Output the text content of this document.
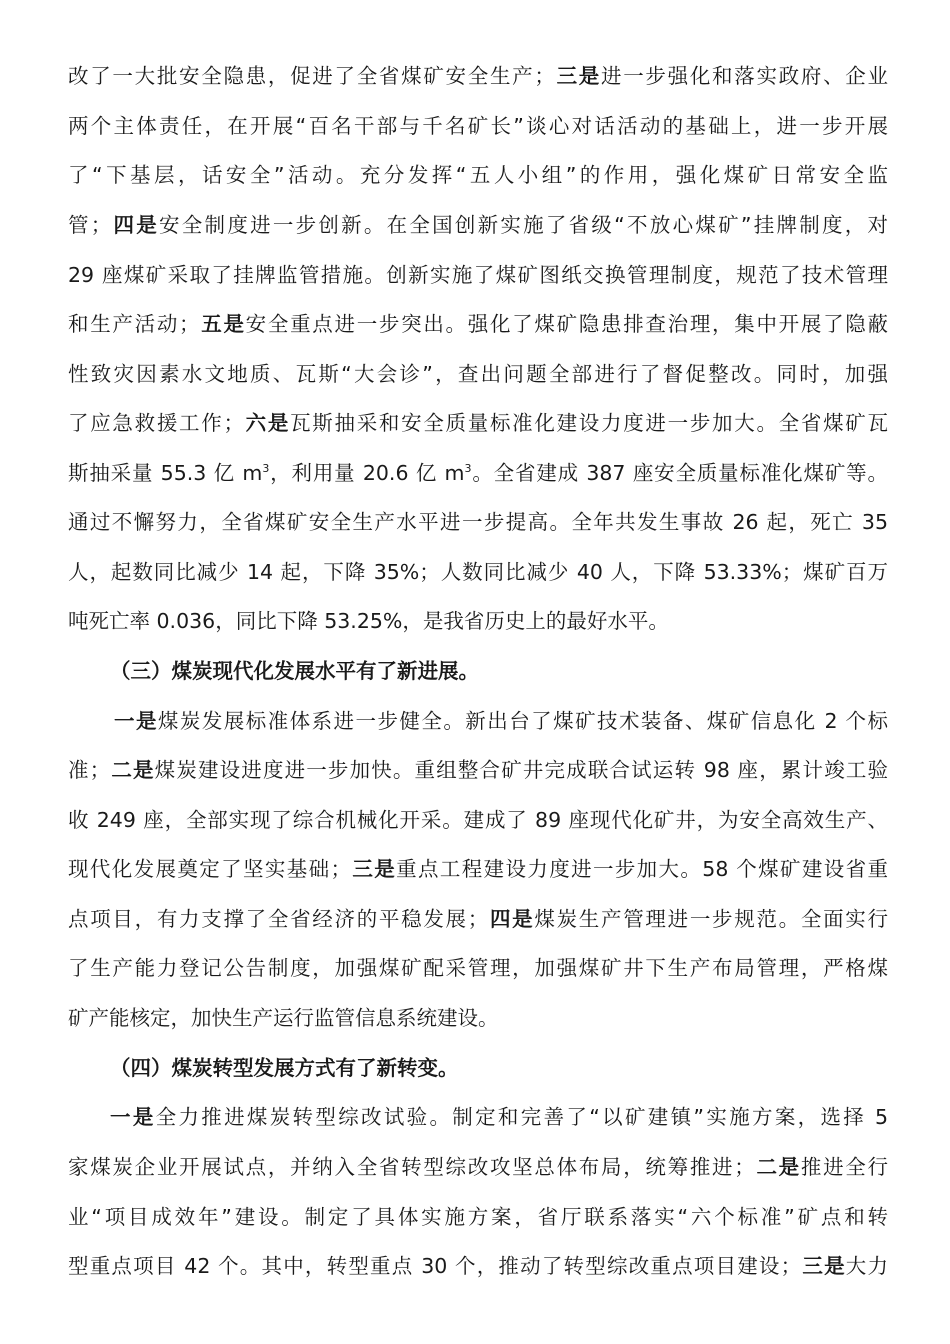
改了一大批安全隐患，促进了全省煤矿安全生产；三是进一步强化和落实政府、企业
两个主体责任，在开展“百名干部与千名矿长”谈心对话活动的基础上，进一步开展
了“下基层，话安全”活动。充分发挥“五人小组”的作用，强化煤矿日常安全监
管；四是安全制度进一步创新。在全国创新实施了省级“不放心煤矿”挂牌制度，对
29 座煤矿采取了挂牌监管措施。创新实施了煤矿图纸交换管理制度，规范了技术管理
和生产活动；五是安全重点进一步突出。强化了煤矿隐患排查治理，集中开展了隐蔽
性致灾因素水文地质、瓦斯“大会诊”，查出问题全部进行了督促整改。同时，加强
了应急救援工作；六是瓦斯抽采和安全质量标准化建设力度进一步加大。全省煤矿瓦
斯抽采量 55.3 亿 $m^3$，利用量 20.6 亿 $m^3$。全省建成 387 座安全质量标准化煤矿等。
通过不懈努力，全省煤矿安全生产水平进一步提高。全年共发生事故 26 起，死亡 35
人，起数同比减少 14 起，下降 35%；人数同比减少 40 人，下降 53.33%；煤矿百万
吨死亡率 0.036，同比下降 53.25%，是我省历史上的最好水平。
（三）煤炭现代化发展水平有了新进展。
一是煤炭发展标准体系进一步健全。新出台了煤矿技术装备、煤矿信息化 2 个标
准；二是煤炭建设进度进一步加快。重组整合矿井完成联合试运转 98 座，累计竣工验
收 249 座，全部实现了综合机械化开采。建成了 89 座现代化矿井，为安全高效生产、
现代化发展奠定了坚实基础；三是重点工程建设力度进一步加大。58 个煤矿建设省重
点项目，有力支撑了全省经济的平稳发展；四是煤炭生产管理进一步规范。全面实行
了生产能力登记公告制度，加强煤矿配采管理，加强煤矿井下生产布局管理，严格煤
矿产能核定，加快生产运行监管信息系统建设。
（四）煤炭转型发展方式有了新转变。
一是全力推进煤炭转型综改试验。制定和完善了“以矿建镇”实施方案，选择 5
家煤炭企业开展试点，并纳入全省转型综改攻坚总体布局，统筹推进；二是推进全行
业“项目成效年”建设。制定了具体实施方案，省厅联系落实“六个标准”矿点和转
型重点项目 42 个。其中，转型重点 30 个，推动了转型综改重点项目建设；三是大力
